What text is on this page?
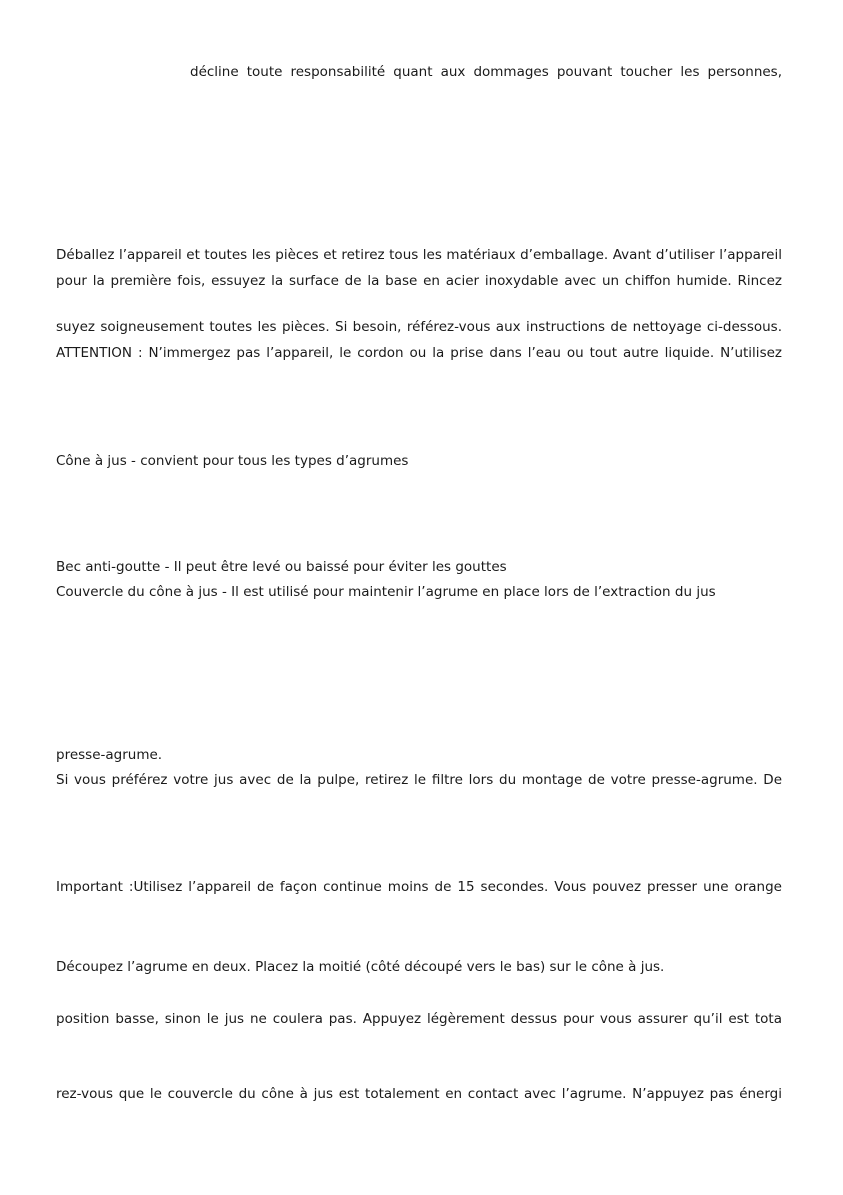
décline toute responsabilité quant aux dommages pouvant toucher les personnes,
Déballez l’appareil et toutes les pièces et retirez tous les matériaux d’emballage. Avant d’utiliser l’appareil
pour la première fois, essuyez la surface de la base en acier inoxydable avec un chiffon humide. Rincez
suyez soigneusement toutes les pièces. Si besoin, référez-vous aux instructions de nettoyage ci-dessous.
ATTENTION : N’immergez pas l’appareil, le cordon ou la prise dans l’eau ou tout autre liquide. N’utilisez
Cône à jus - convient pour tous les types d’agrumes
Bec anti-goutte - Il peut être levé ou baissé pour éviter les gouttes
Couvercle du cône à jus - Il est utilisé pour maintenir l’agrume en place lors de l’extraction du jus
presse-agrume.
Si vous préférez votre jus avec de la pulpe, retirez le filtre lors du montage de votre presse-agrume. De
Important :Utilisez l’appareil de façon continue moins de 15 secondes. Vous pouvez presser une orange
Découpez l’agrume en deux. Placez la moitié (côté découpé vers le bas) sur le cône à jus.
position basse, sinon le jus ne coulera pas. Appuyez légèrement dessus pour vous assurer qu’il est tota
rez-vous que le couvercle du cône à jus est totalement en contact avec l’agrume. N’appuyez pas énergi
